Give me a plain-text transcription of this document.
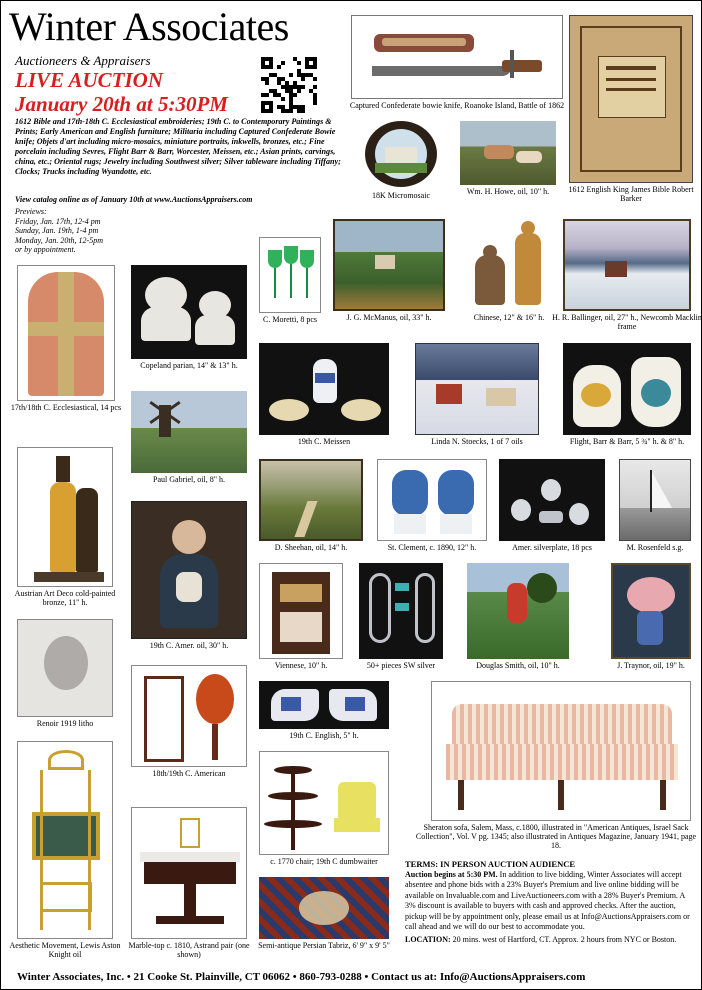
Winter Associates
Auctioneers & Appraisers
LIVE AUCTION
January 20th at 5:30PM
1612 Bible and 17th-18th C. Ecclesiastical embroideries; 19th C. to Contemporary Paintings & Prints; Early American and English furniture; Militaria including Captured Confederate Bowie knife; Objets d'art including micro-mosaics, miniature portraits, inkwells, bronzes, etc.; Fine porcelain including Sevres, Flight Barr & Barr, Worcester, Meissen, etc.; Asian prints, carvings, china, etc.; Oriental rugs; Jewelry including Southwest silver; Silver tableware including Tiffany; Clocks; Trucks including Wyandotte, etc.
View catalog online as of January 10th at www.AuctionsAppraisers.com
Previews:
Friday, Jan. 17th, 12-4 pm
Sunday, Jan. 19th, 1-4 pm
Monday, Jan. 20th, 12-5pm
or by appointment.
Captured Confederate bowie knife, Roanoke Island, Battle of 1862
1612 English King James Bible Robert Barker
18K Micromosaic	Wm. H. Howe, oil, 10" h.
C. Moretti, 8 pcs	J. G. McManus, oil, 33" h.	Chinese, 12" & 16" h. H. R. Ballinger, oil, 27" h., Newcomb Macklin frame
17th/18th C. Ecclesiastical, 14 pcs
Copeland parian, 14" & 13" h.
19th C. Meissen	Linda N. Stoecks, 1 of 7 oils	Flight, Barr & Barr, 5 ¾" h. & 8" h.
Paul Gabriel, oil, 8" h.
Austrian Art Deco cold-painted bronze, 11" h.
D. Sheehan, oil, 14" h.	St. Clement, c. 1890, 12" h.	Amer. silverplate, 18 pcs	M. Rosenfeld s.g.
19th C. Amer. oil, 30" h.
Viennese, 10" h.	50+ pieces SW silver	Douglas Smith, oil, 10" h.	J. Traynor, oil, 19" h.
Renoir 1919 litho
18th/19th C. American
19th C. English, 5" h.
Sheraton sofa, Salem, Mass, c.1800, illustrated in "American Antiques, Israel Sack Collection", Vol. V pg. 1345; also illustrated in Antiques Magazine, January 1941, page 18.
c. 1770 chair; 19th C dumbwaiter
Aesthetic Movement, Lewis Aston Knight oil
Marble-top c. 1810, Astrand pair (one shown)
Semi-antique Persian Tabriz, 6' 9" x 9' 5"
TERMS: IN PERSON AUCTION AUDIENCE
Auction begins at 5:30 PM. In addition to live bidding, Winter Associates will accept absentee and phone bids with a 23% Buyer's Premium and live online bidding will be available on Invaluable.com and LiveAuctioneers.com with a 28% Buyer's Premium. A 3% discount is available to buyers with cash and approved checks. After the auction, pickup will be by appointment only, please email us at Info@AuctionsAppraisers.com or call ahead and we will do our best to accommodate you.
LOCATION: 20 mins. west of Hartford, CT. Approx. 2 hours from NYC or Boston.
Winter Associates, Inc. • 21 Cooke St. Plainville, CT 06062 • 860-793-0288 • Contact us at: Info@AuctionsAppraisers.com
